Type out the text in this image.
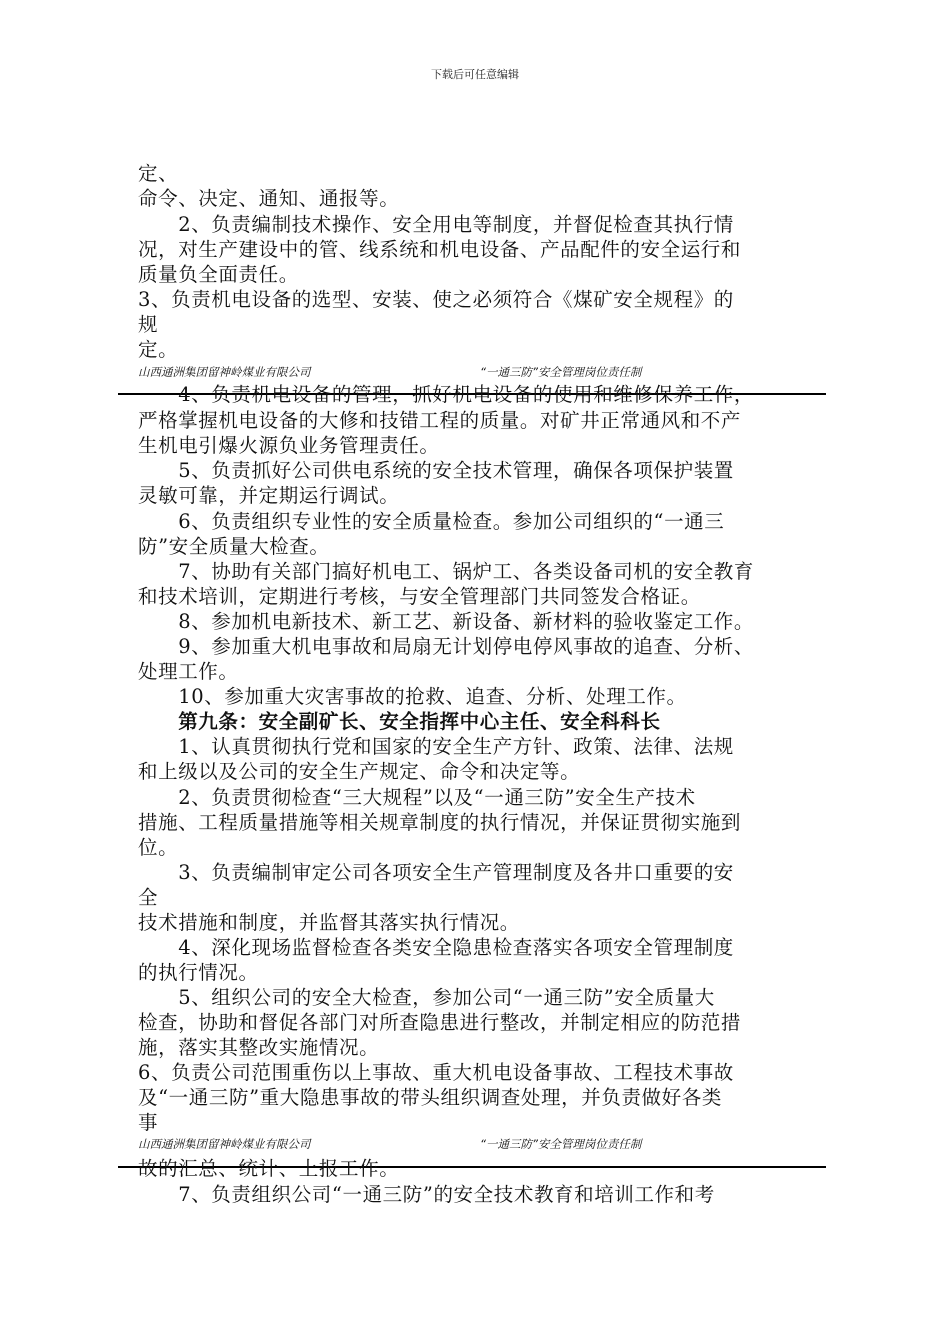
下载后可任意编辑
山西通洲集团留神岭煤业有限公司	“一通三防”安全管理岗位责任制
山西通洲集团留神岭煤业有限公司	“一通三防”安全管理岗位责任制
定、
命令、决定、通知、通报等。
　　2、负责编制技术操作、安全用电等制度，并督促检查其执行情
况，对生产建设中的管、线系统和机电设备、产品配件的安全运行和
质量负全面责任。
3、负责机电设备的选型、安装、使之必须符合《煤矿安全规程》的
规
定。
　　4、负责机电设备的管理，抓好机电设备的使用和维修保养工作，
严格掌握机电设备的大修和技错工程的质量。对矿井正常通风和不产
生机电引爆火源负业务管理责任。
　　5、负责抓好公司供电系统的安全技术管理，确保各项保护装置
灵敏可靠，并定期运行调试。
　　6、负责组织专业性的安全质量检查。参加公司组织的“一通三
防”安全质量大检查。
　　7、协助有关部门搞好机电工、锅炉工、各类设备司机的安全教育
和技术培训，定期进行考核，与安全管理部门共同签发合格证。
　　8、参加机电新技术、新工艺、新设备、新材料的验收鉴定工作。
　　9、参加重大机电事故和局扇无计划停电停风事故的追查、分析、
处理工作。
　　10、参加重大灾害事故的抢救、追查、分析、处理工作。
　　第九条：安全副矿长、安全指挥中心主任、安全科科长
　　1、认真贯彻执行党和国家的安全生产方针、政策、法律、法规
和上级以及公司的安全生产规定、命令和决定等。
　　2、负责贯彻检查“三大规程”以及“一通三防”安全生产技术
措施、工程质量措施等相关规章制度的执行情况，并保证贯彻实施到
位。
　　3、负责编制审定公司各项安全生产管理制度及各井口重要的安
全
技术措施和制度，并监督其落实执行情况。
　　4、深化现场监督检查各类安全隐患检查落实各项安全管理制度
的执行情况。
　　5、组织公司的安全大检查，参加公司“一通三防”安全质量大
检查，协助和督促各部门对所查隐患进行整改，并制定相应的防范措
施，落实其整改实施情况。
6、负责公司范围重伤以上事故、重大机电设备事故、工程技术事故
及“一通三防”重大隐患事故的带头组织调查处理，并负责做好各类
事
故的汇总、统计、上报工作。
　　7、负责组织公司“一通三防”的安全技术教育和培训工作和考
